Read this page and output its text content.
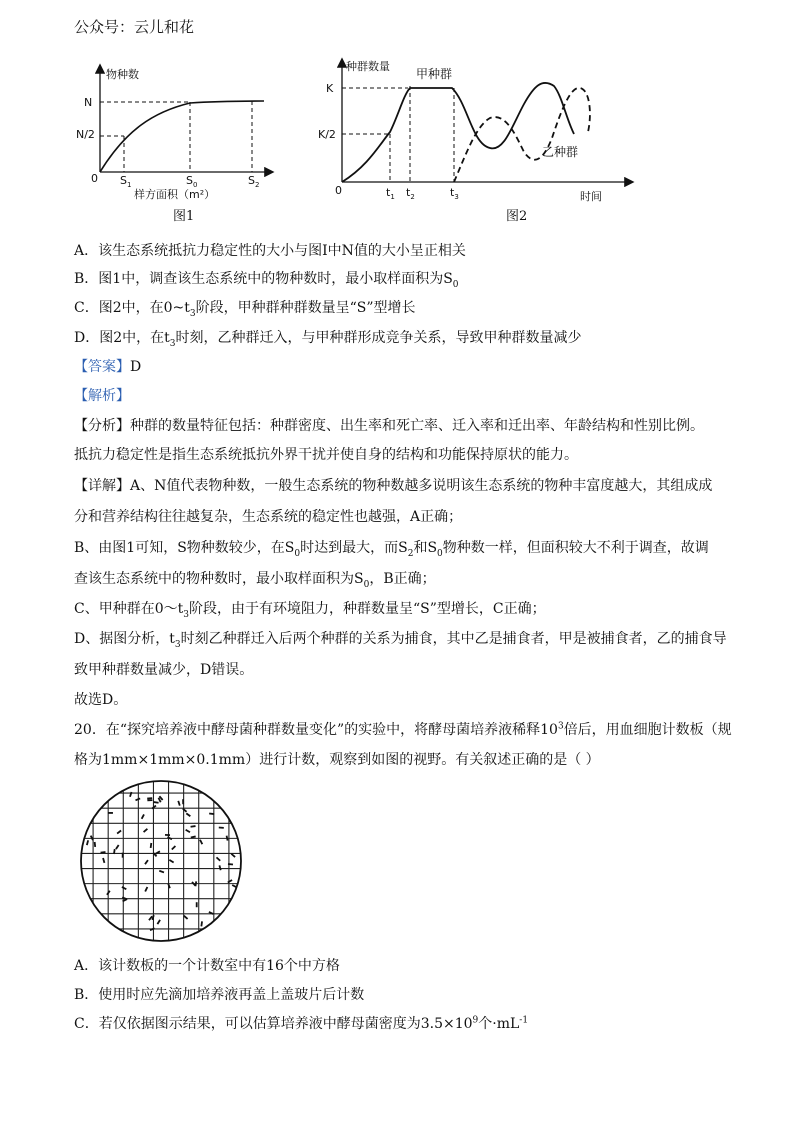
公众号：云儿和花
物种数
N
N/2
0 $S_1$	$S_0$	$S_2$
样方面积（m²）
图1
种群数量
甲种群
K
K/2
0
乙种群
$t_1$ $t_2$	$t_3$	时间
图2
A．该生态系统抵抗力稳定性的大小与图Ⅰ中N值的大小呈正相关
B．图1中，调查该生态系统中的物种数时，最小取样面积为$S_0$
C．图2中，在$0\sim t_3$阶段，甲种群种群数量呈“S”型增长
D．图2中，在$t_3$时刻，乙种群迁入，与甲种群形成竞争关系，导致甲种群数量减少
【答案】D
【解析】
【分析】种群的数量特征包括：种群密度、出生率和死亡率、迁入率和迁出率、年龄结构和性别比例。
抵抗力稳定性是指生态系统抵抗外界干扰并使自身的结构和功能保持原状的能力。
【详解】A、N值代表物种数，一般生态系统的物种数越多说明该生态系统的物种丰富度越大，其组成成
分和营养结构往往越复杂，生态系统的稳定性也越强，A正确；
B、由图1可知，S物种数较少，在$S_0$时达到最大，而$S_2$和$S_0$物种数一样，但面积较大不利于调查，故调
查该生态系统中的物种数时，最小取样面积为$S_0$，B正确；
C、甲种群在$0\sim t_3$阶段，由于有环境阻力，种群数量呈“S”型增长，C正确；
D、据图分析，$t_3$时刻乙种群迁入后两个种群的关系为捕食，其中乙是捕食者，甲是被捕食者，乙的捕食导
致甲种群数量减少，D错误。
故选D。
20．在“探究培养液中酵母菌种群数量变化”的实验中，将酵母菌培养液稀释$10^3$倍后，用血细胞计数板（规
格为1mm×1mm×0.1mm）进行计数，观察到如图的视野。有关叙述正确的是（ ）
A．该计数板的一个计数室中有16个中方格
B．使用时应先滴加培养液再盖上盖玻片后计数
C．若仅依据图示结果，可以估算培养液中酵母菌密度为$3.5\times 10^9$个$\cdot mL^{-1}$
